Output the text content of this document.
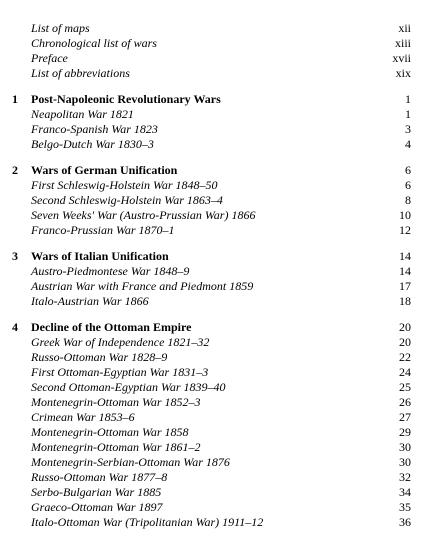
List of maps	xii
Chronological list of wars	xiii
Preface	xvii
List of abbreviations	xix
1 Post-Napoleonic Revolutionary Wars	1
Neapolitan War 1821	1
Franco-Spanish War 1823	3
Belgo-Dutch War 1830–3	4
2 Wars of German Unification	6
First Schleswig-Holstein War 1848–50	6
Second Schleswig-Holstein War 1863–4	8
Seven Weeks' War (Austro-Prussian War) 1866	10
Franco-Prussian War 1870–1	12
3 Wars of Italian Unification	14
Austro-Piedmontese War 1848–9	14
Austrian War with France and Piedmont 1859	17
Italo-Austrian War 1866	18
4 Decline of the Ottoman Empire	20
Greek War of Independence 1821–32	20
Russo-Ottoman War 1828–9	22
First Ottoman-Egyptian War 1831–3	24
Second Ottoman-Egyptian War 1839–40	25
Montenegrin-Ottoman War 1852–3	26
Crimean War 1853–6	27
Montenegrin-Ottoman War 1858	29
Montenegrin-Ottoman War 1861–2	30
Montenegrin-Serbian-Ottoman War 1876	30
Russo-Ottoman War 1877–8	32
Serbo-Bulgarian War 1885	34
Graeco-Ottoman War 1897	35
Italo-Ottoman War (Tripolitanian War) 1911–12	36
